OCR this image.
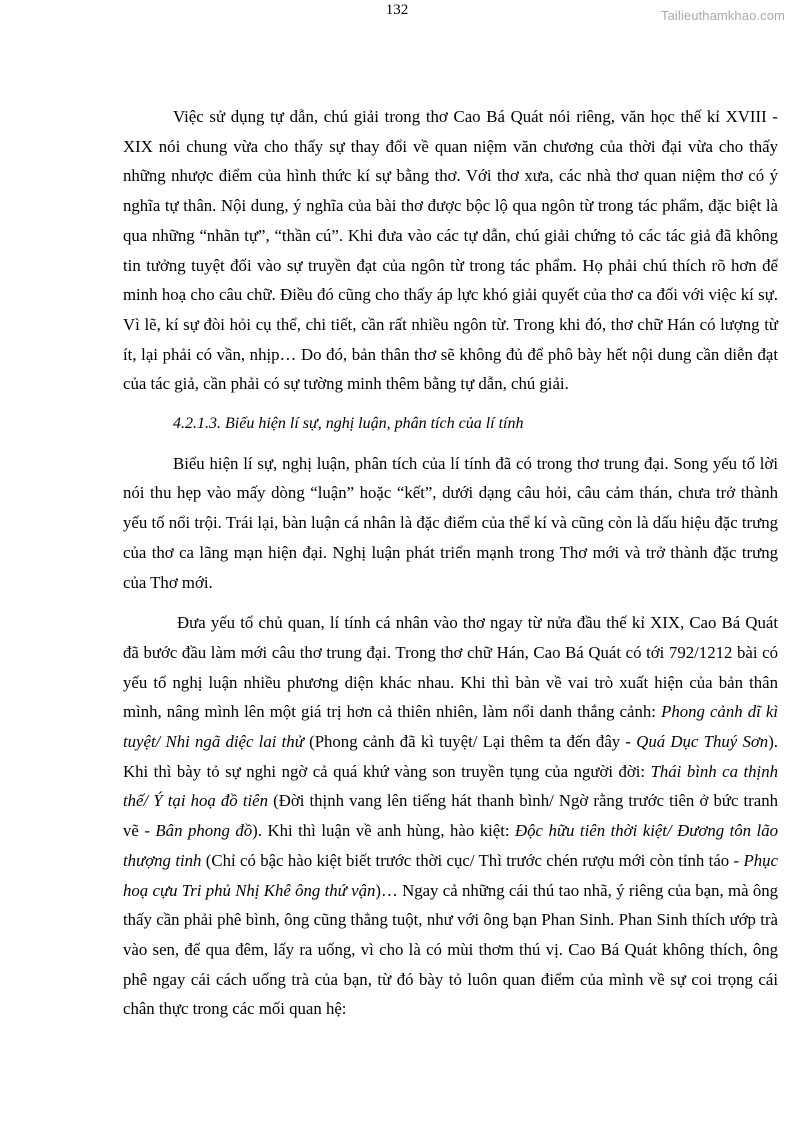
132	Tailieuthamkhao.com

Việc sử dụng tự dẫn, chú giải trong thơ Cao Bá Quát nói riêng, văn học thế kỉ XVIII - XIX nói chung vừa cho thấy sự thay đổi về quan niệm văn chương của thời đại vừa cho thấy những nhược điểm của hình thức kí sự bằng thơ. Với thơ xưa, các nhà thơ quan niệm thơ có ý nghĩa tự thân. Nội dung, ý nghĩa của bài thơ được bộc lộ qua ngôn từ trong tác phẩm, đặc biệt là qua những “nhãn tự”, “thần cú”. Khi đưa vào các tự dẫn, chú giải chứng tỏ các tác giả đã không tin tưởng tuyệt đối vào sự truyền đạt của ngôn từ trong tác phẩm. Họ phải chú thích rõ hơn để minh hoạ cho câu chữ. Điều đó cũng cho thấy áp lực khó giải quyết của thơ ca đối với việc kí sự. Vì lẽ, kí sự đòi hỏi cụ thể, chi tiết, cần rất nhiều ngôn từ. Trong khi đó, thơ chữ Hán có lượng từ ít, lại phải có vần, nhịp… Do đó, bản thân thơ sẽ không đủ để phô bày hết nội dung cần diễn đạt của tác giả, cần phải có sự tường minh thêm bằng tự dẫn, chú giải.

4.2.1.3. Biểu hiện lí sự, nghị luận, phân tích của lí tính

Biểu hiện lí sự, nghị luận, phân tích của lí tính đã có trong thơ trung đại. Song yếu tố lời nói thu hẹp vào mấy dòng “luận” hoặc “kết”, dưới dạng câu hỏi, câu cảm thán, chưa trở thành yếu tố nổi trội. Trái lại, bàn luận cá nhân là đặc điểm của thể kí và cũng còn là dấu hiệu đặc trưng của thơ ca lãng mạn hiện đại. Nghị luận phát triển mạnh trong Thơ mới và trở thành đặc trưng của Thơ mới.

Đưa yếu tố chủ quan, lí tính cá nhân vào thơ ngay từ nửa đầu thế kỉ XIX, Cao Bá Quát đã bước đầu làm mới câu thơ trung đại. Trong thơ chữ Hán, Cao Bá Quát có tới 792/1212 bài có yếu tố nghị luận nhiều phương diện khác nhau. Khi thì bàn về vai trò xuất hiện của bản thân mình, nâng mình lên một giá trị hơn cả thiên nhiên, làm nổi danh thắng cảnh: Phong cảnh dĩ kì tuyệt/ Nhi ngã diệc lai thử (Phong cảnh đã kì tuyệt/ Lại thêm ta đến đây - Quá Dục Thuý Sơn). Khi thì bày tỏ sự nghi ngờ cả quá khứ vàng son truyền tụng của người đời: Thái bình ca thịnh thế/ Ý tại hoạ đồ tiên (Đời thịnh vang lên tiếng hát thanh bình/ Ngờ rằng trước tiên ở bức tranh vẽ - Bân phong đồ). Khi thì luận về anh hùng, hào kiệt: Độc hữu tiên thời kiệt/ Đương tôn lão thượng tinh (Chỉ có bậc hào kiệt biết trước thời cục/ Thì trước chén rượu mới còn tỉnh táo - Phục hoạ cựu Tri phủ Nhị Khê ông thứ vận)… Ngay cả những cái thú tao nhã, ý riêng của bạn, mà ông thấy cần phải phê bình, ông cũng thẳng tuột, như với ông bạn Phan Sinh. Phan Sinh thích ướp trà vào sen, để qua đêm, lấy ra uống, vì cho là có mùi thơm thú vị. Cao Bá Quát không thích, ông phê ngay cái cách uống trà của bạn, từ đó bày tỏ luôn quan điểm của mình về sự coi trọng cái chân thực trong các mối quan hệ:
